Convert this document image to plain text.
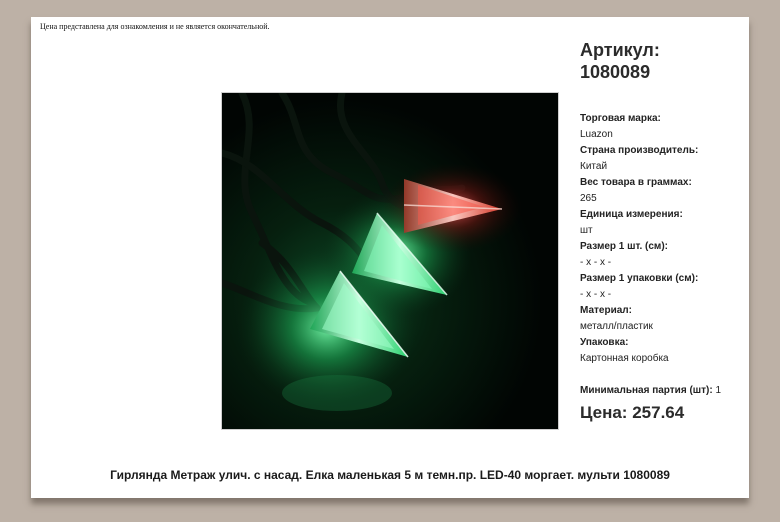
Цена представлена для ознакомления и не является окончательной.
Артикул:
1080089
Торговая марка:
Luazon
Страна производитель:
Китай
Вес товара в граммах:
265
Единица измерения:
шт
Размер 1 шт. (см):
- х - х -
Размер 1 упаковки (см):
- х - х -
Материал:
металл/пластик
Упаковка:
Картонная коробка
Минимальная партия (шт): 1
Цена: 257.64
Гирлянда Метраж улич. с насад. Елка маленькая 5 м темн.пр. LED-40 моргает. мульти 1080089
